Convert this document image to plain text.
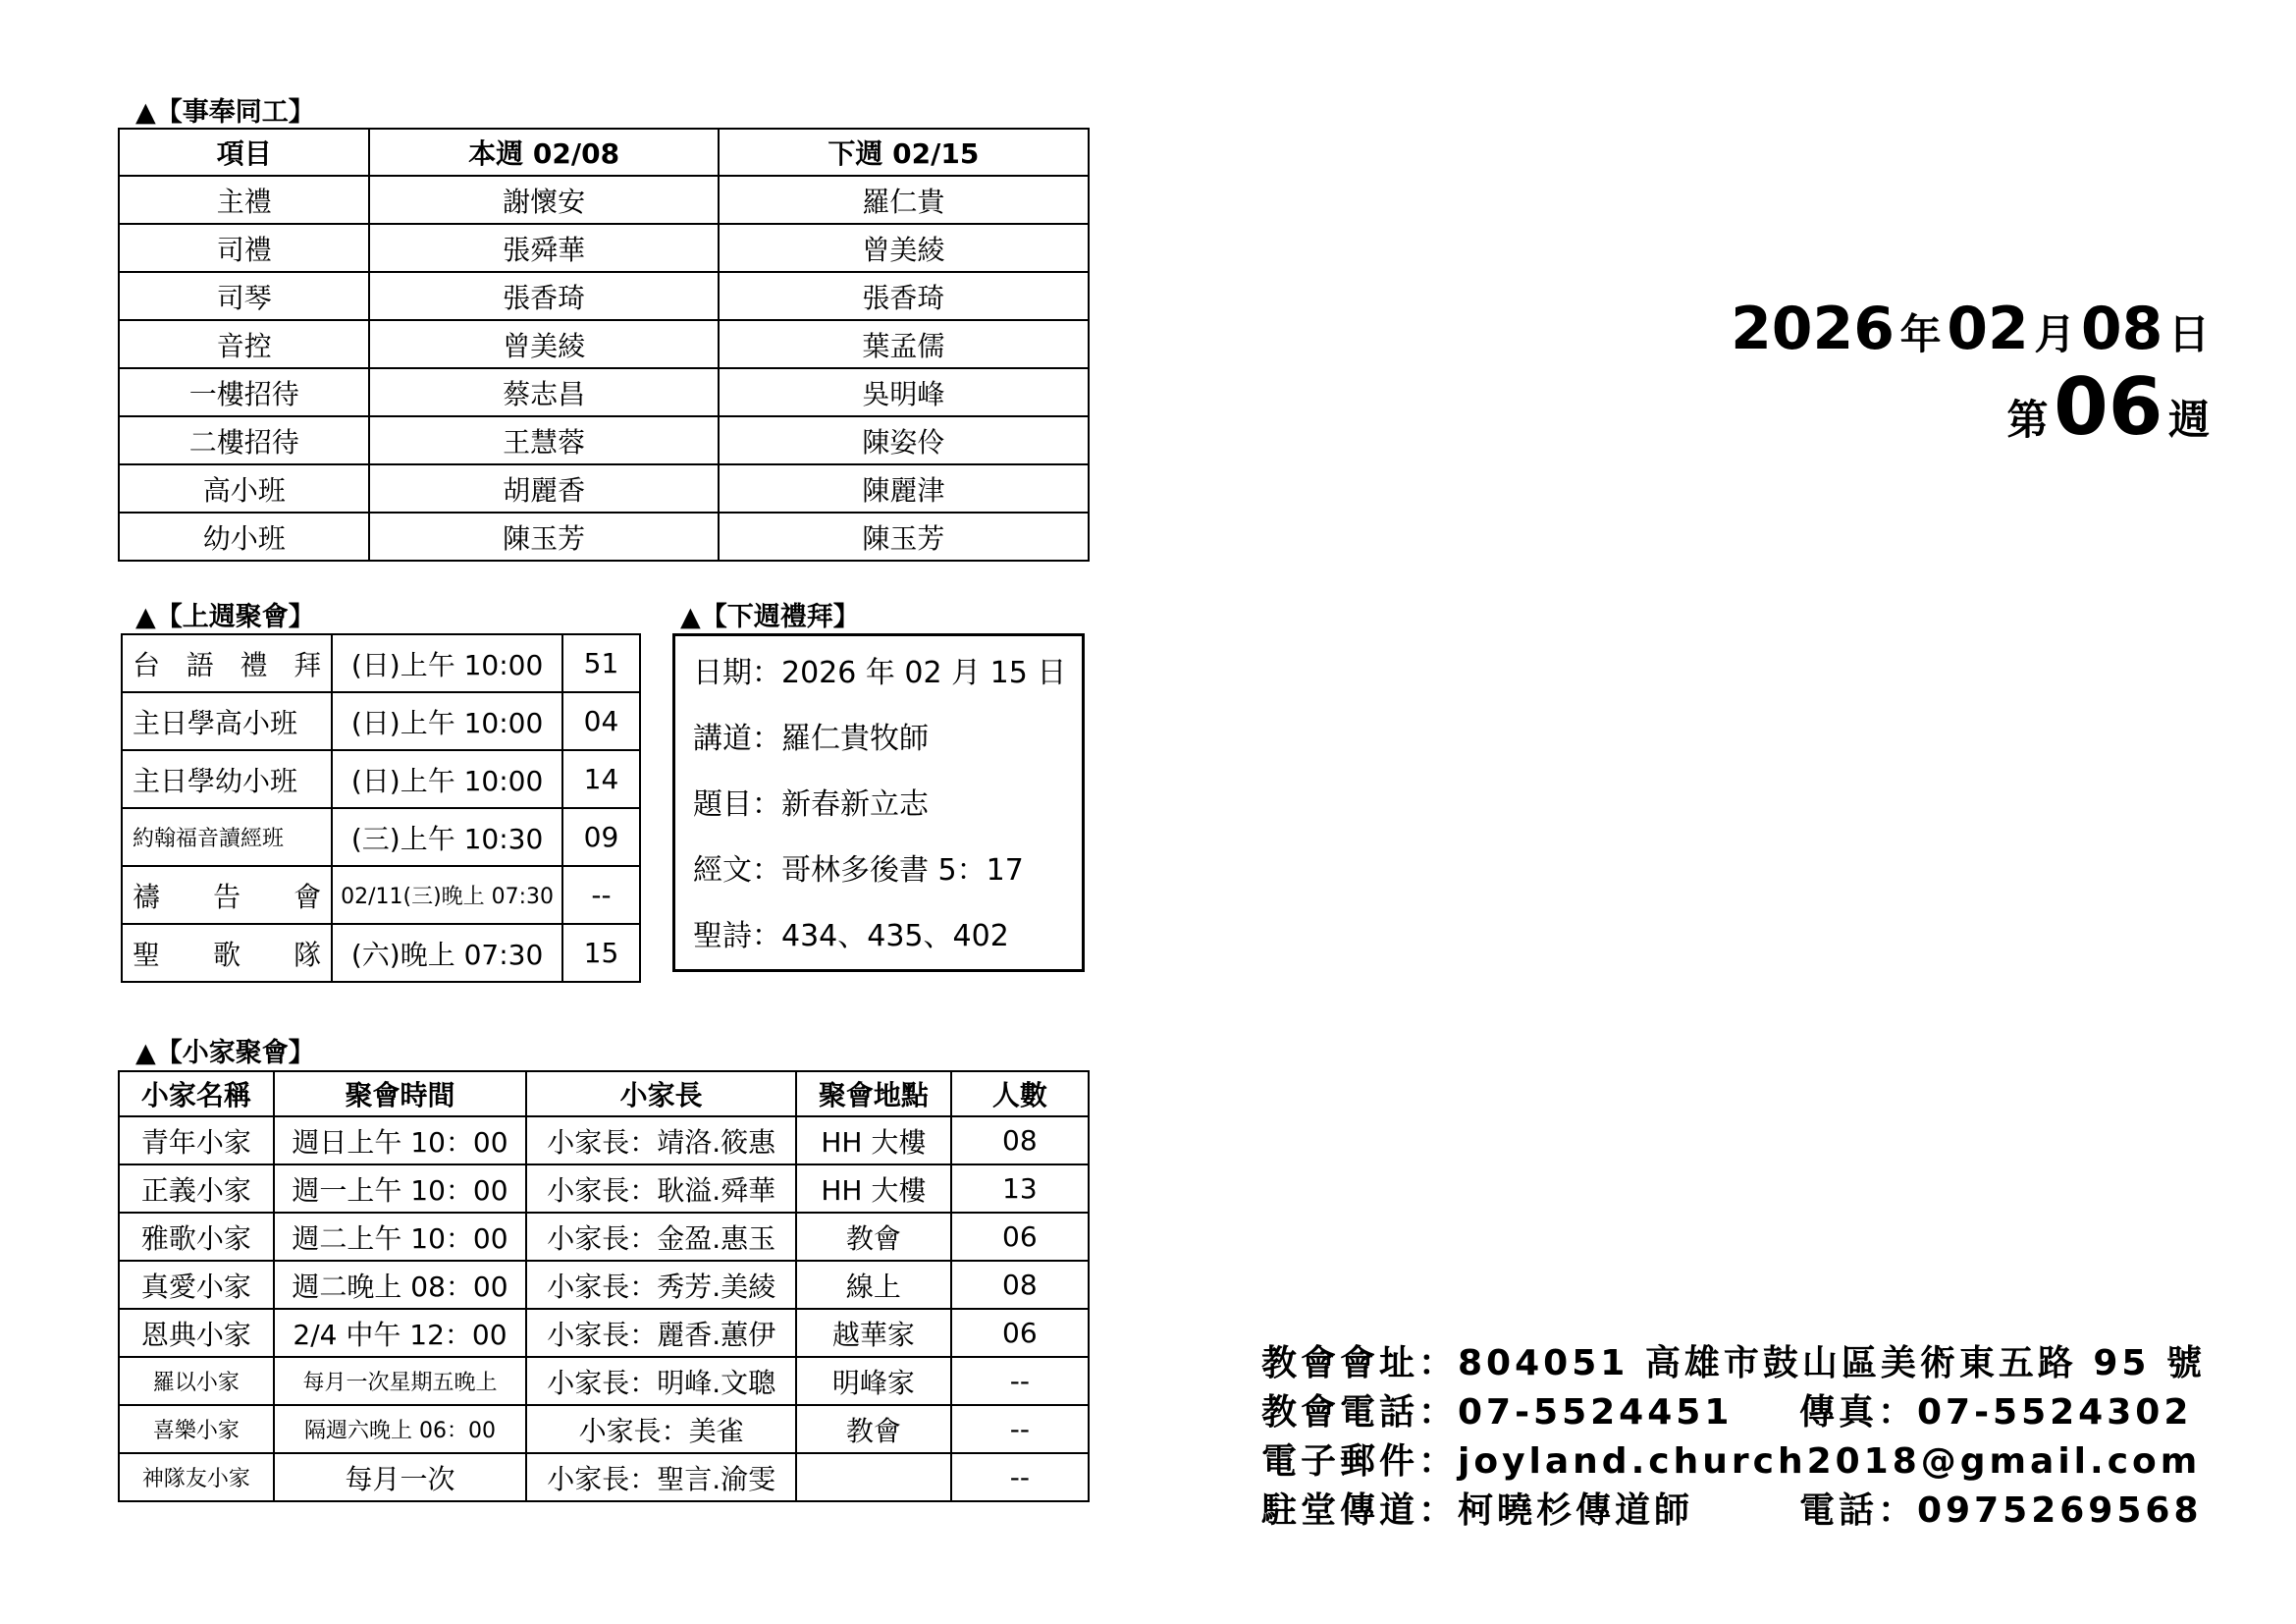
▲【事奉同工】
項目	本週 02/08	下週 02/15
主禮	謝懷安	羅仁貴
司禮	張舜華	曾美綾
司琴	張香琦	張香琦
音控	曾美綾	葉孟儒
一樓招待	蔡志昌	吳明峰
二樓招待	王慧蓉	陳姿伶
高小班	胡麗香	陳麗津
幼小班	陳玉芳	陳玉芳
▲【上週聚會】
台 語 禮 拜	(日)上午 10:00	51
主日學高小班	(日)上午 10:00	04
主日學幼小班	(日)上午 10:00	14
約翰福音讀經班	(三)上午 10:30	09
禱 告 會	02/11(三)晚上 07:30	--
聖 歌 隊	(六)晚上 07:30	15
▲【下週禮拜】
日期：2026 年 02 月 15 日
講道：羅仁貴牧師
題目：新春新立志
經文：哥林多後書 5：17
聖詩：434、435、402
▲【小家聚會】
小家名稱	聚會時間	小家長	聚會地點	人數
青年小家	週日上午 10：00	小家長：靖洛.筱惠	HH 大樓	08
正義小家	週一上午 10：00	小家長：耿溢.舜華	HH 大樓	13
雅歌小家	週二上午 10：00	小家長：金盈.惠玉	教會	06
真愛小家	週二晚上 08：00	小家長：秀芳.美綾	線上	08
恩典小家	2/4 中午 12：00	小家長：麗香.蕙伊	越華家	06
羅以小家	每月一次星期五晚上	小家長：明峰.文聰	明峰家	--
喜樂小家	隔週六晚上 06：00	小家長：美雀	教會	--
神隊友小家	每月一次	小家長：聖言.渝雯		--
2026 年 02 月 08 日
第 06 週
教會會址：804051 高雄市鼓山區美術東五路 95 號
教會電話：07-5524451 傳真：07-5524302
電子郵件：joyland.church2018@gmail.com
駐堂傳道：柯曉杉傳道師	電話：0975269568
